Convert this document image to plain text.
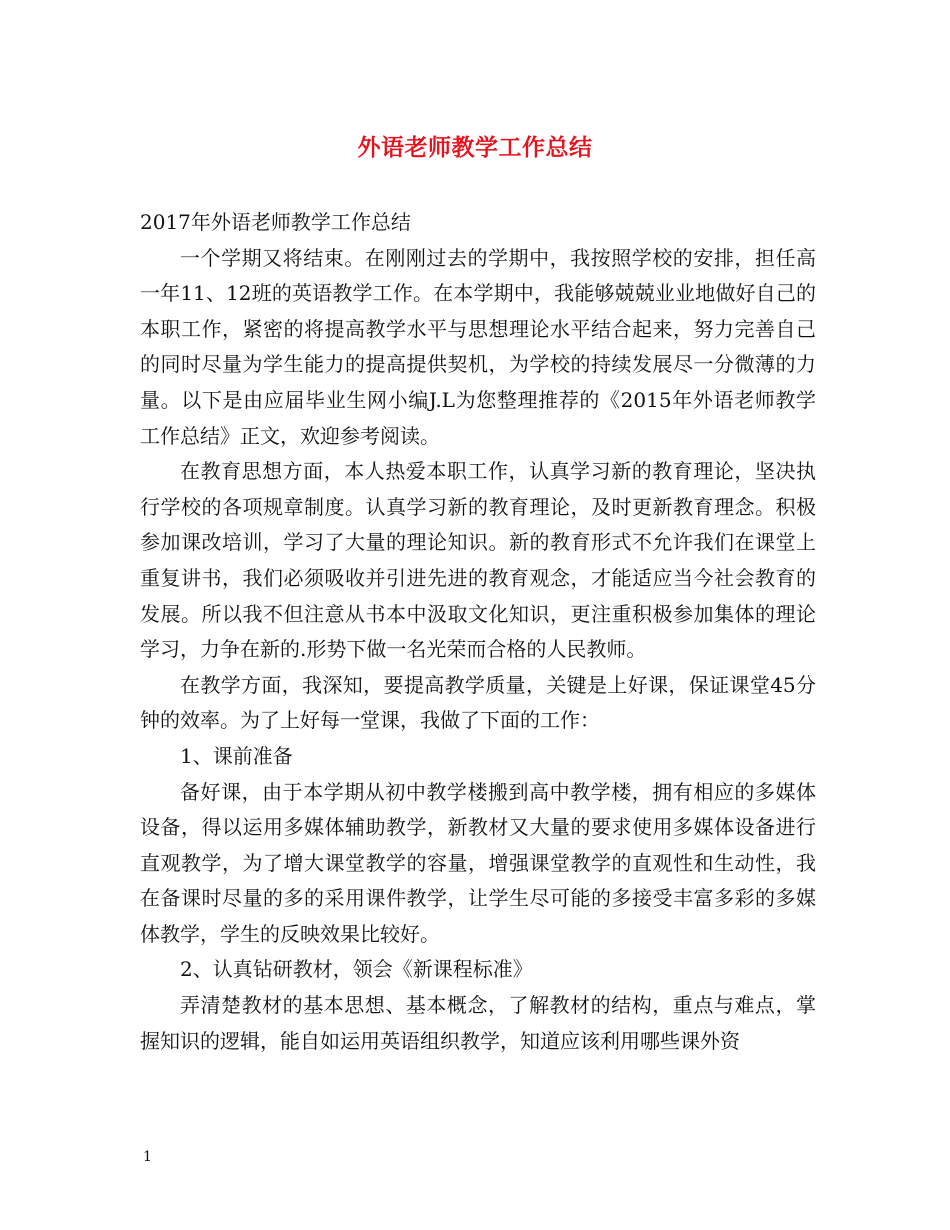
外语老师教学工作总结

2017年外语老师教学工作总结

一个学期又将结束。在刚刚过去的学期中，我按照学校的安排，担任高一年11、12班的英语教学工作。在本学期中，我能够兢兢业业地做好自己的本职工作，紧密的将提高教学水平与思想理论水平结合起来，努力完善自己的同时尽量为学生能力的提高提供契机，为学校的持续发展尽一分微薄的力量。以下是由应届毕业生网小编J.L为您整理推荐的《2015年外语老师教学工作总结》正文，欢迎参考阅读。

在教育思想方面，本人热爱本职工作，认真学习新的教育理论，坚决执行学校的各项规章制度。认真学习新的教育理论，及时更新教育理念。积极参加课改培训，学习了大量的理论知识。新的教育形式不允许我们在课堂上重复讲书，我们必须吸收并引进先进的教育观念，才能适应当今社会教育的发展。所以我不但注意从书本中汲取文化知识，更注重积极参加集体的理论学习，力争在新的.形势下做一名光荣而合格的人民教师。

在教学方面，我深知，要提高教学质量，关键是上好课，保证课堂45分钟的效率。为了上好每一堂课，我做了下面的工作：

1、课前准备

备好课，由于本学期从初中教学楼搬到高中教学楼，拥有相应的多媒体设备，得以运用多媒体辅助教学，新教材又大量的要求使用多媒体设备进行直观教学，为了增大课堂教学的容量，增强课堂教学的直观性和生动性，我在备课时尽量的多的采用课件教学，让学生尽可能的多接受丰富多彩的多媒体教学，学生的反映效果比较好。

2、认真钻研教材，领会《新课程标准》

弄清楚教材的基本思想、基本概念，了解教材的结构，重点与难点，掌握知识的逻辑，能自如运用英语组织教学，知道应该利用哪些课外资

1
